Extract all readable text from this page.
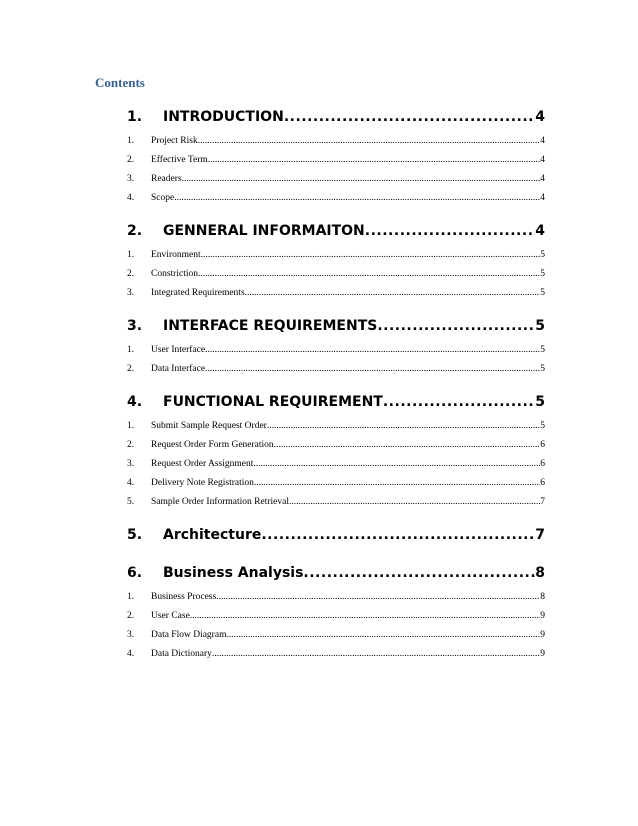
Contents
1.	INTRODUCTION .....	4
1.	Project Risk .....	4
2.	Effective Term .....	4
3.	Readers .....	4
4.	Scope .....	4
2.	GENNERAL INFORMAITON .....	4
1.	Environment .....	5
2.	Constriction .....	5
3.	Integrated Requirements .....	5
3.	INTERFACE REQUIREMENTS .....	5
1.	User Interface .....	5
2.	Data Interface .....	5
4.	FUNCTIONAL REQUIREMENT .....	5
1.	Submit Sample Request Order .....	5
2.	Request Order Form Generation .....	6
3.	Request Order Assignment .....	6
4.	Delivery Note Registration .....	6
5.	Sample Order Information Retrieval .....	7
5.	Architecture .....	7
6.	Business Analysis .....	8
1.	Business Process .....	8
2.	User Case .....	9
3.	Data Flow Diagram .....	9
4.	Data Dictionary .....	9
